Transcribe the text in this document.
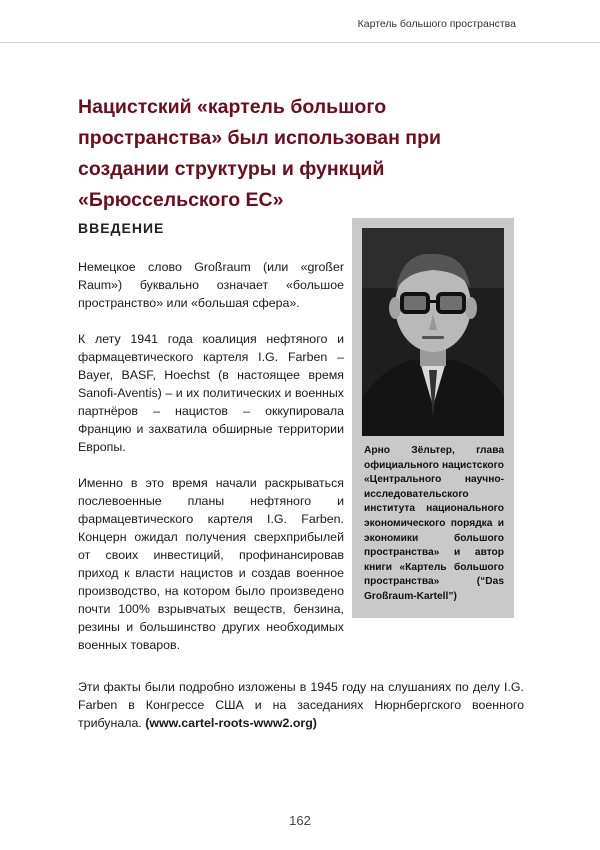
Картель большого пространства
Нацистский «картель большого пространства» был использован при создании структуры и функций «Брюссельского ЕС»
ВВЕДЕНИЕ

Немецкое слово Großraum (или «großer Raum») буквально означает «большое пространство» или «большая сфера».

К лету 1941 года коалиция нефтяного и фармацевтического картеля I.G. Farben – Bayer, BASF, Hoechst (в настоящее время Sanofi-Aventis) – и их политических и военных партнёров – нацистов – оккупировала Францию и захватила обширные территории Европы.

Именно в это время начали раскрываться послевоенные планы нефтяного и фармацевтического картеля I.G. Farben. Концерн ожидал получения сверхприбылей от своих инвестиций, профинансировав приход к власти нацистов и создав военное производство, на котором было произведено почти 100% взрывчатых веществ, бензина, резины и большинство других необходимых военных товаров.

Арно Зёльтер, глава официального нацистского «Центрального научно-исследовательского института национального экономического порядка и экономики большого пространства» и автор книги «Картель большого пространства» (“Das Großraum-Kartell”)

Эти факты были подробно изложены в 1945 году на слушаниях по делу I.G. Farben в Конгрессе США и на заседаниях Нюрнбергского военного трибунала. (www.cartel-roots-www2.org)

162
